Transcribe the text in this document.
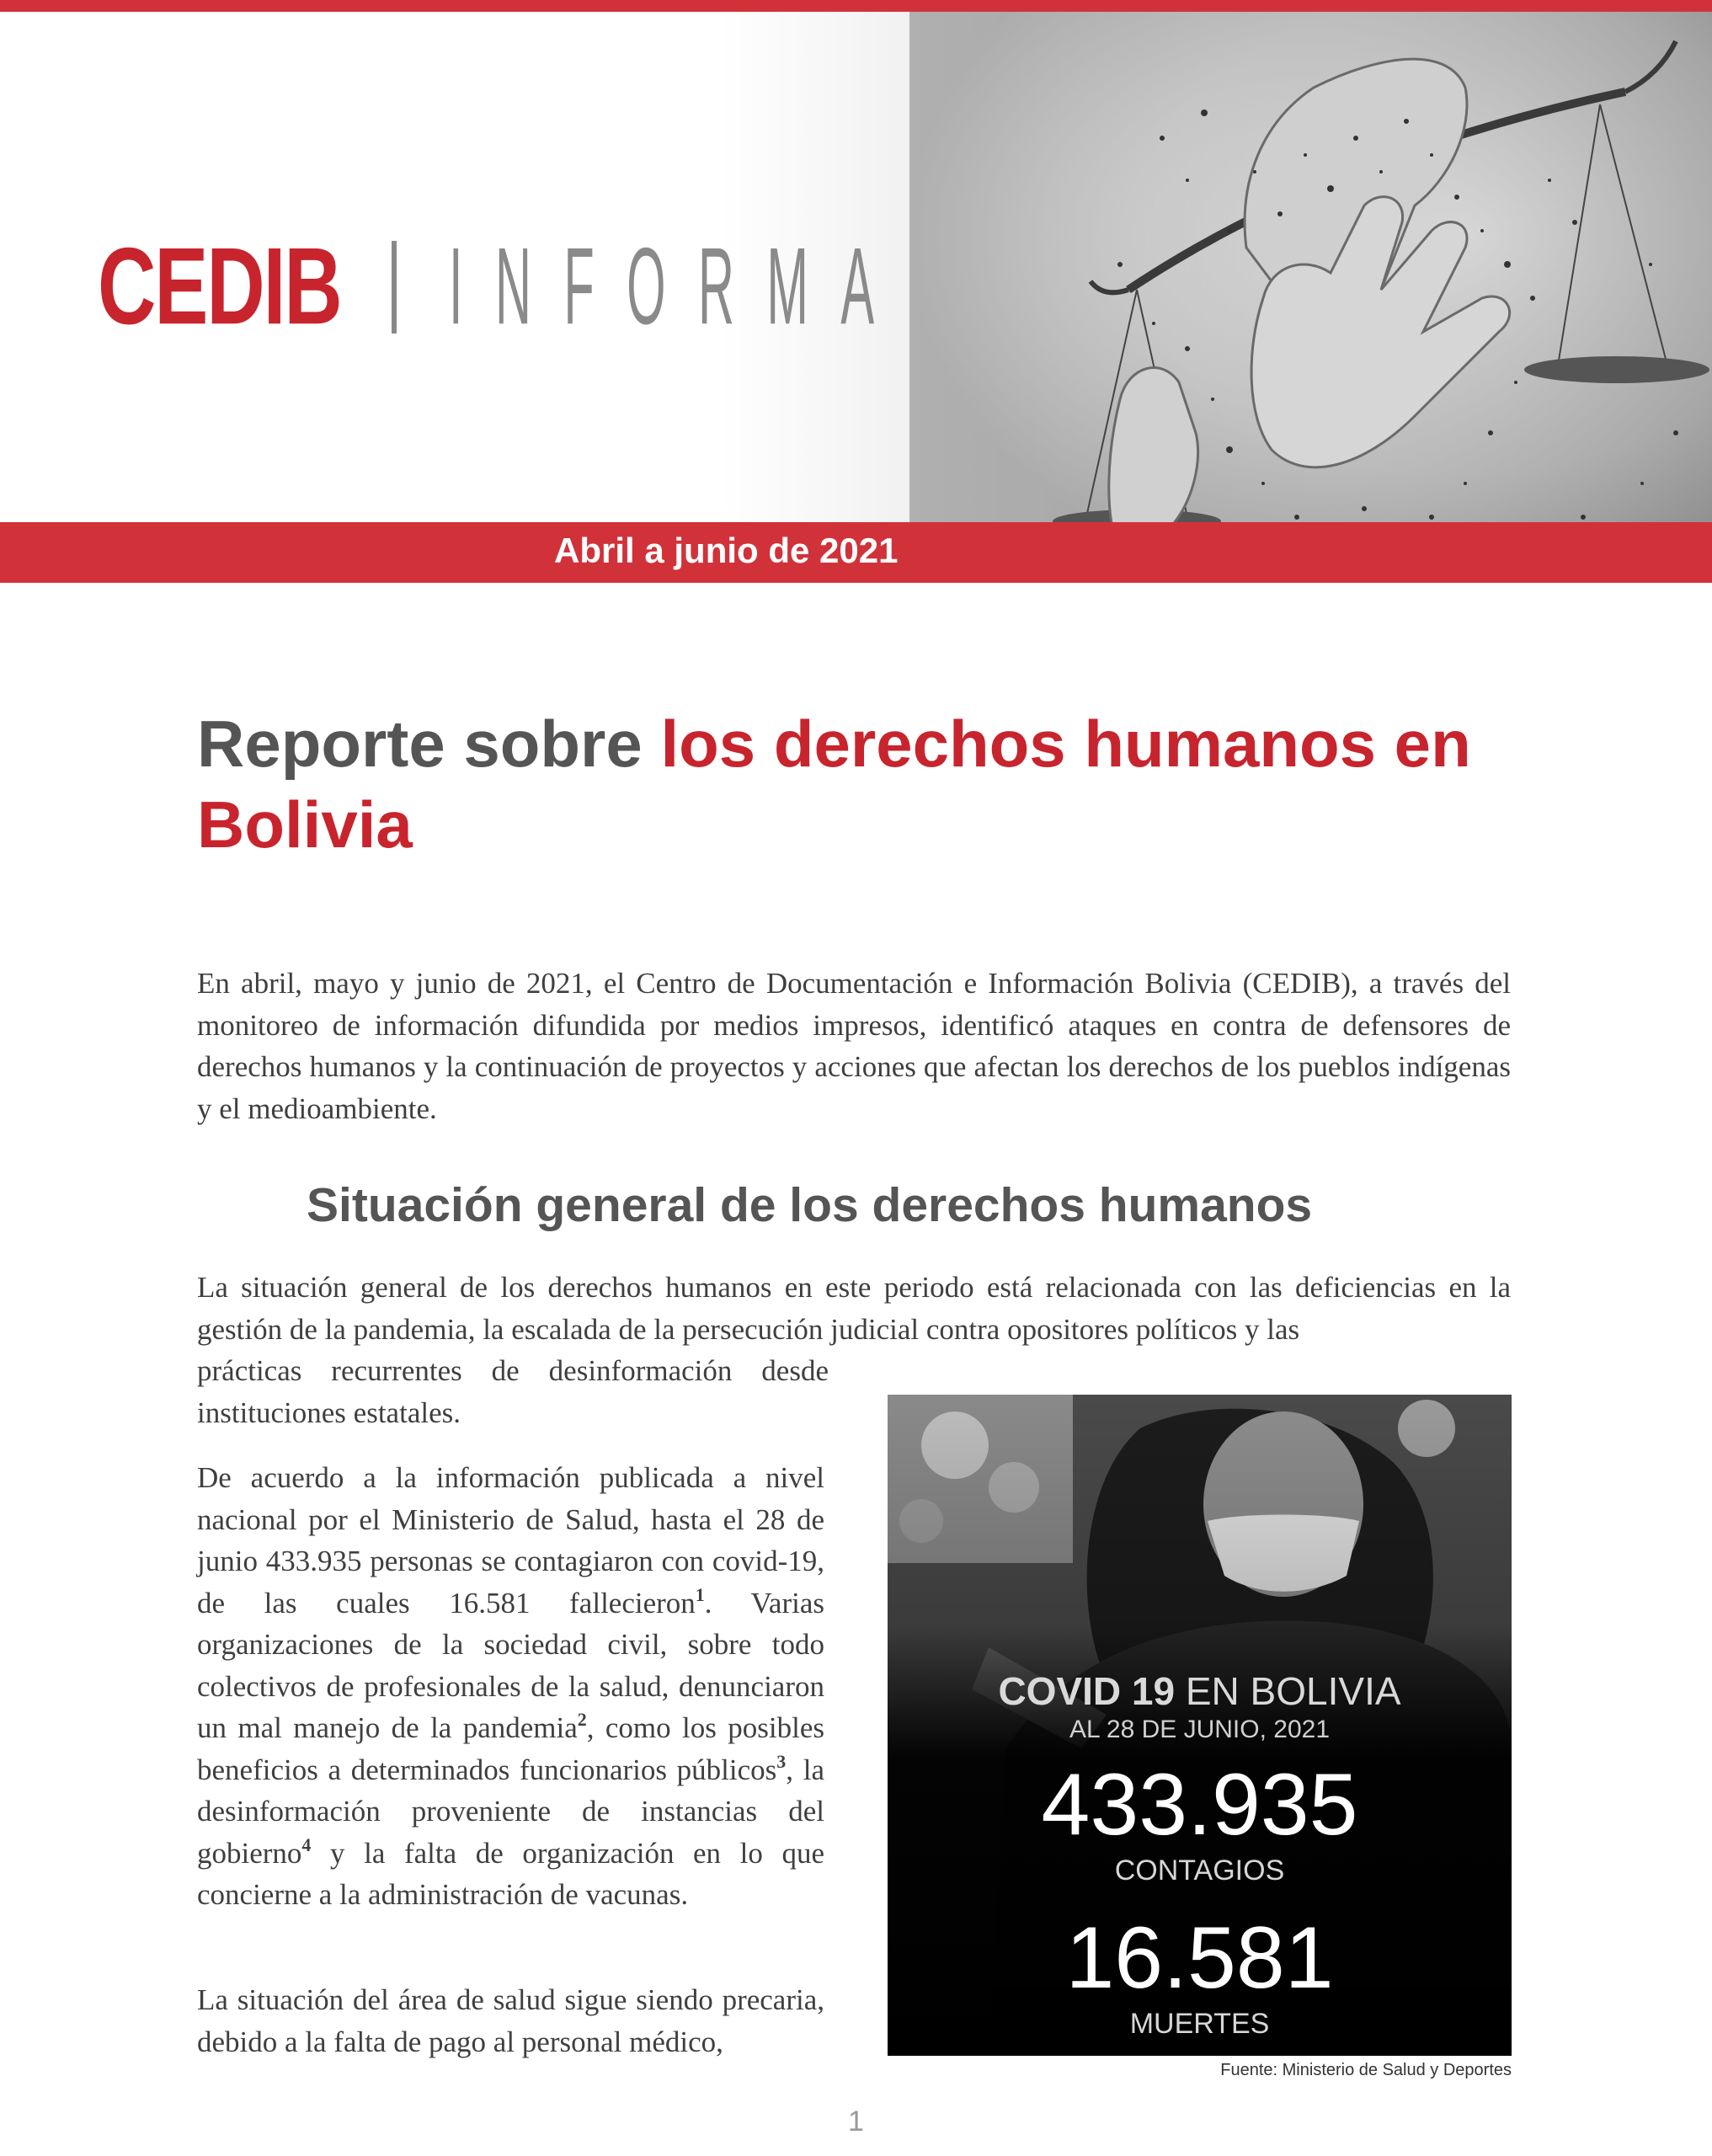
CEDIB INFORMA
Abril a junio de 2021
Reporte sobre los derechos humanos en Bolivia

En abril, mayo y junio de 2021, el Centro de Documentación e Información Bolivia (CEDIB), a través del monitoreo de información difundida por medios impresos, identificó ataques en contra de defensores de derechos humanos y la continuación de proyectos y acciones que afectan los derechos de los pueblos indígenas y el medioambiente.

Situación general de los derechos humanos

La situación general de los derechos humanos en este periodo está relacionada con las deficiencias en la gestión de la pandemia, la escalada de la persecución judicial contra opositores políticos y las

prácticas recurrentes de desinformación desde instituciones estatales.

De acuerdo a la información publicada a nivel nacional por el Ministerio de Salud, hasta el 28 de junio 433.935 personas se contagiaron con covid-19, de las cuales 16.581 fallecieron$^1$. Varias organizaciones de la sociedad civil, sobre todo colectivos de profesionales de la salud, denunciaron un mal manejo de la pandemia$^2$, como los posibles beneficios a determinados funcionarios públicos$^3$, la desinformación proveniente de instancias del gobierno$^4$ y la falta de organización en lo que concierne a la administración de vacunas.

La situación del área de salud sigue siendo precaria, debido a la falta de pago al personal médico,

COVID 19 EN BOLIVIA
AL 28 DE JUNIO, 2021
433.935
CONTAGIOS
16.581
MUERTES
Fuente: Ministerio de Salud y Deportes
1
